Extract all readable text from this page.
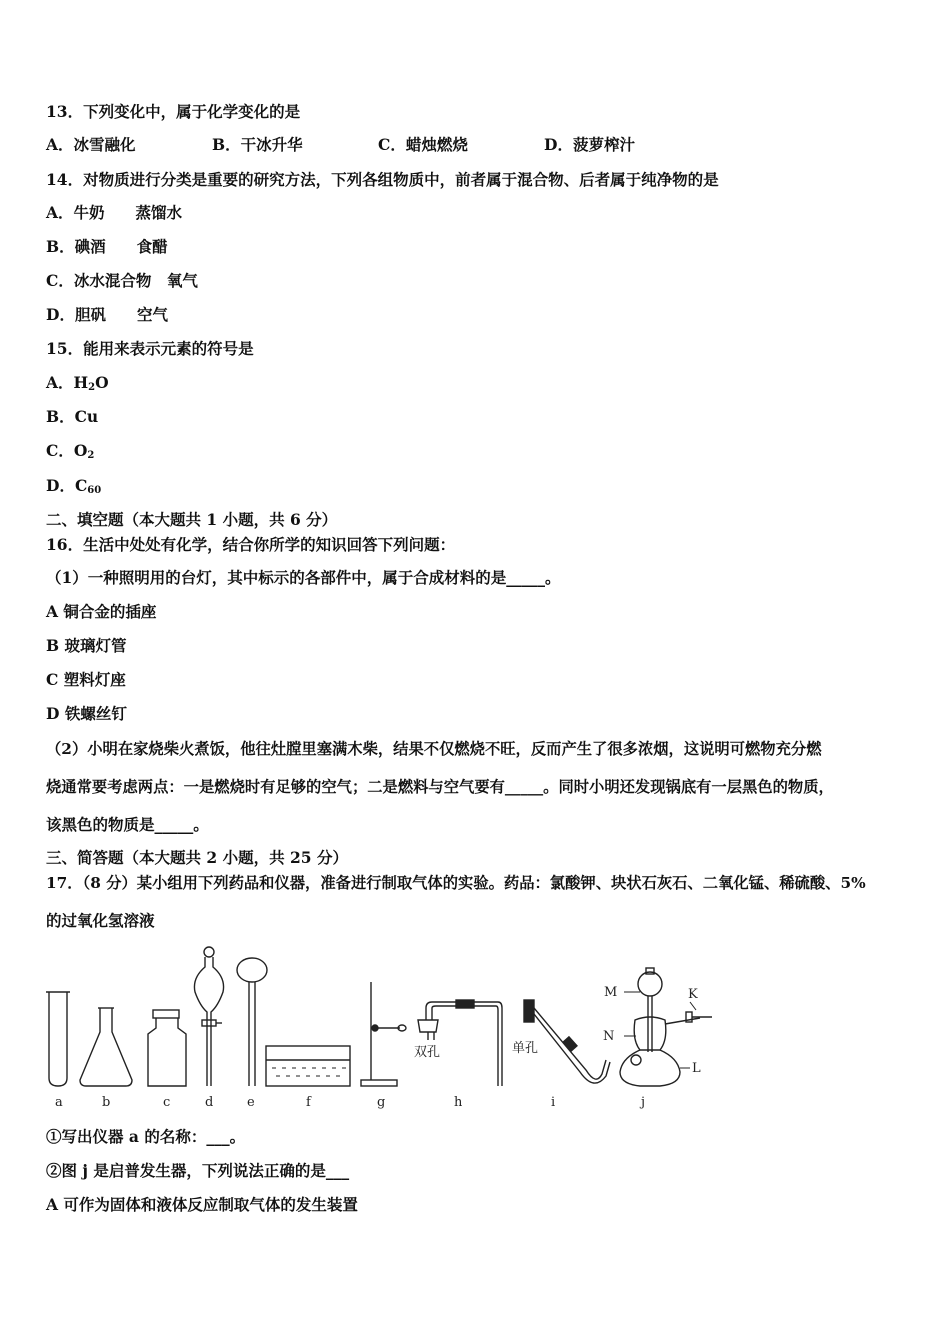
13．下列变化中，属于化学变化的是
A．冰雪融化	B．干冰升华	C．蜡烛燃烧	D．菠萝榨汁
14．对物质进行分类是重要的研究方法，下列各组物质中，前者属于混合物、后者属于纯净物的是
A．牛奶　　蒸馏水
B．碘酒　　食醋
C．冰水混合物　氧气
D．胆矾　　空气
15．能用来表示元素的符号是
A．$H_2O$
B．Cu
C．$O_2$
D．$C_{60}$
二、填空题（本大题共 1 小题，共 6 分）
16．生活中处处有化学，结合你所学的知识回答下列问题：
（1）一种照明用的台灯，其中标示的各部件中，属于合成材料的是_____。
A 铜合金的插座
B 玻璃灯管
C 塑料灯座
D 铁螺丝钉
（2）小明在家烧柴火煮饭，他往灶膛里塞满木柴，结果不仅燃烧不旺，反而产生了很多浓烟，这说明可燃物充分燃
烧通常要考虑两点：一是燃烧时有足够的空气；二是燃料与空气要有_____。同时小明还发现锅底有一层黑色的物质，
该黑色的物质是_____。
三、简答题（本大题共 2 小题，共 25 分）
17．（8 分）某小组用下列药品和仪器，准备进行制取气体的实验。药品：氯酸钾、块状石灰石、二氧化锰、稀硫酸、5%
的过氧化氢溶液
双孔	单孔
M
N
K
L
a	b	c	d	e	f	g	h	i	j
①写出仪器 a 的名称：___。
②图 j 是启普发生器，下列说法正确的是___
A 可作为固体和液体反应制取气体的发生装置
